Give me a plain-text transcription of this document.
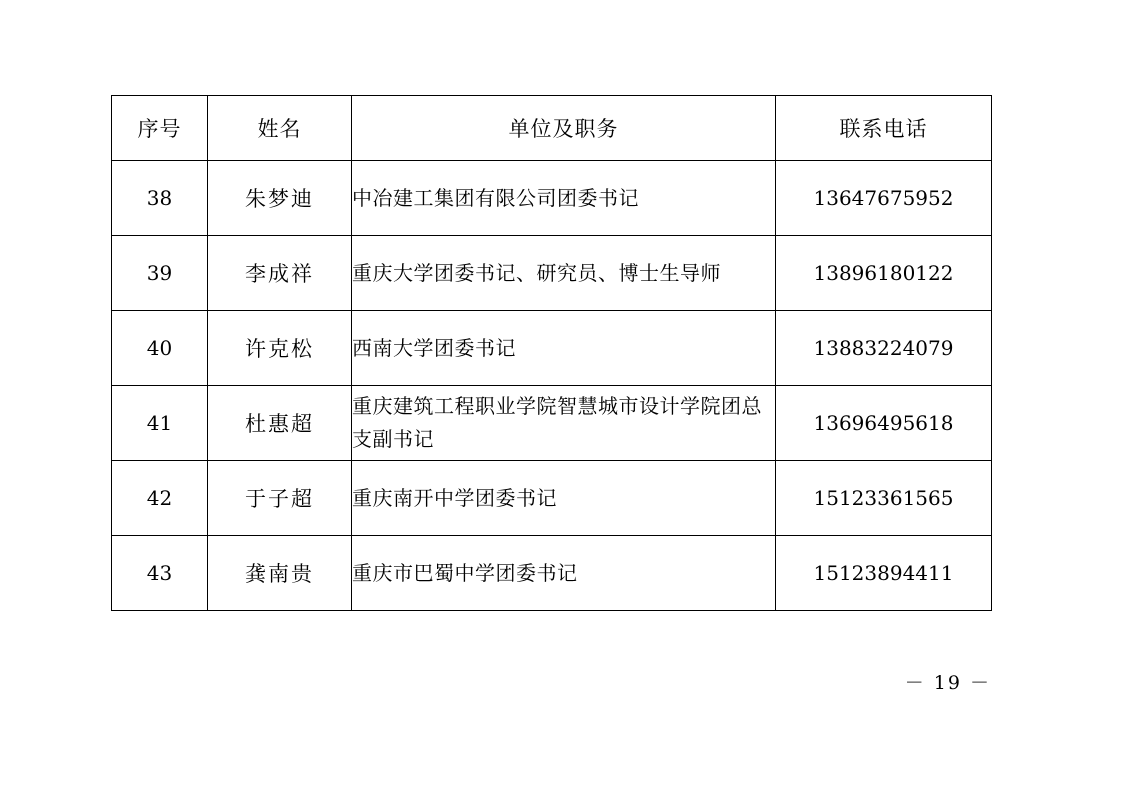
序号	姓名	单位及职务	联系电话
38	朱梦迪	中冶建工集团有限公司团委书记	13647675952
39	李成祥	重庆大学团委书记、研究员、博士生导师	13896180122
40	许克松	西南大学团委书记	13883224079
41	杜惠超	重庆建筑工程职业学院智慧城市设计学院团总支副书记	13696495618
42	于子超	重庆南开中学团委书记	15123361565
43	龚南贵	重庆市巴蜀中学团委书记	15123894411
－ 19 －
